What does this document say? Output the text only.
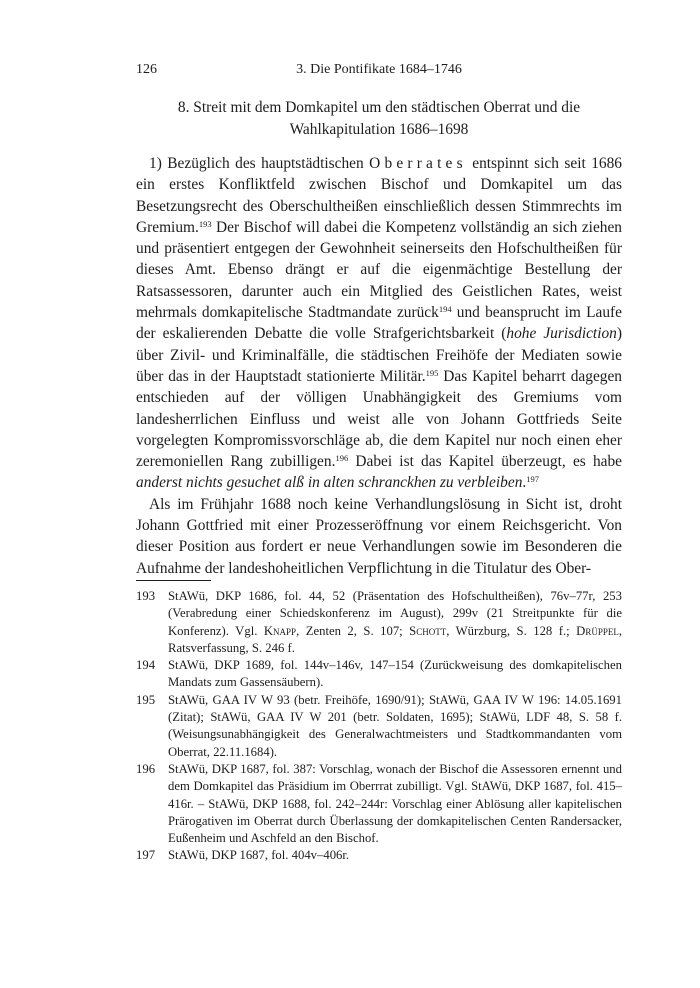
126	3. Die Pontifikate 1684–1746
8. Streit mit dem Domkapitel um den städtischen Oberrat und die
Wahlkapitulation 1686–1698

1) Bezüglich des hauptstädtischen Oberrates entspinnt sich seit 1686 ein erstes Konfliktfeld zwischen Bischof und Domkapitel um das Besetzungsrecht des Oberschultheißen einschließlich dessen Stimmrechts im Gremium.$^{193}$ Der Bischof will dabei die Kompetenz vollständig an sich ziehen und präsentiert entgegen der Gewohnheit seinerseits den Hofschultheißen für dieses Amt. Ebenso drängt er auf die eigenmächtige Bestellung der Ratsassessoren, darunter auch ein Mitglied des Geistlichen Rates, weist mehrmals domkapitelische Stadtmandate zurück$^{194}$ und beansprucht im Laufe der eskalierenden Debatte die volle Strafgerichtsbarkeit (hohe Jurisdiction) über Zivil- und Kriminalfälle, die städtischen Freihöfe der Mediaten sowie über das in der Hauptstadt stationierte Militär.$^{195}$ Das Kapitel beharrt dagegen entschieden auf der völligen Unabhängigkeit des Gremiums vom landesherrlichen Einfluss und weist alle von Johann Gottfrieds Seite vorgelegten Kompromissvorschläge ab, die dem Kapitel nur noch einen eher zeremoniellen Rang zubilligen.$^{196}$ Dabei ist das Kapitel überzeugt, es habe anderst nichts gesuchet alß in alten schranckhen zu verbleiben.$^{197}$

Als im Frühjahr 1688 noch keine Verhandlungslösung in Sicht ist, droht Johann Gottfried mit einer Prozesseröffnung vor einem Reichsgericht. Von dieser Position aus fordert er neue Verhandlungen sowie im Besonderen die Aufnahme der landeshoheitlichen Verpflichtung in die Titulatur des Ober-

193	StAWü, DKP 1686, fol. 44, 52 (Präsentation des Hofschultheißen), 76v–77r, 253 (Verabredung einer Schiedskonferenz im August), 299v (21 Streitpunkte für die Konferenz). Vgl. Knapp, Zenten 2, S. 107; Schott, Würzburg, S. 128 f.; Drüppel, Ratsverfassung, S. 246 f.
194	StAWü, DKP 1689, fol. 144v–146v, 147–154 (Zurückweisung des domkapitelischen Mandats zum Gassensäubern).
195	StAWü, GAA IV W 93 (betr. Freihöfe, 1690/91); StAWü, GAA IV W 196: 14.05.1691 (Zitat); StAWü, GAA IV W 201 (betr. Soldaten, 1695); StAWü, LDF 48, S. 58 f. (Weisungsunabhängigkeit des Generalwachtmeisters und Stadtkommandanten vom Oberrat, 22.11.1684).
196	StAWü, DKP 1687, fol. 387: Vorschlag, wonach der Bischof die Assessoren ernennt und dem Domkapitel das Präsidium im Oberrrat zubilligt. Vgl. StAWü, DKP 1687, fol. 415–416r. – StAWü, DKP 1688, fol. 242–244r: Vorschlag einer Ablösung aller kapitelischen Prärogativen im Oberrat durch Überlassung der domkapitelischen Centen Randersacker, Eußenheim und Aschfeld an den Bischof.
197	StAWü, DKP 1687, fol. 404v–406r.
